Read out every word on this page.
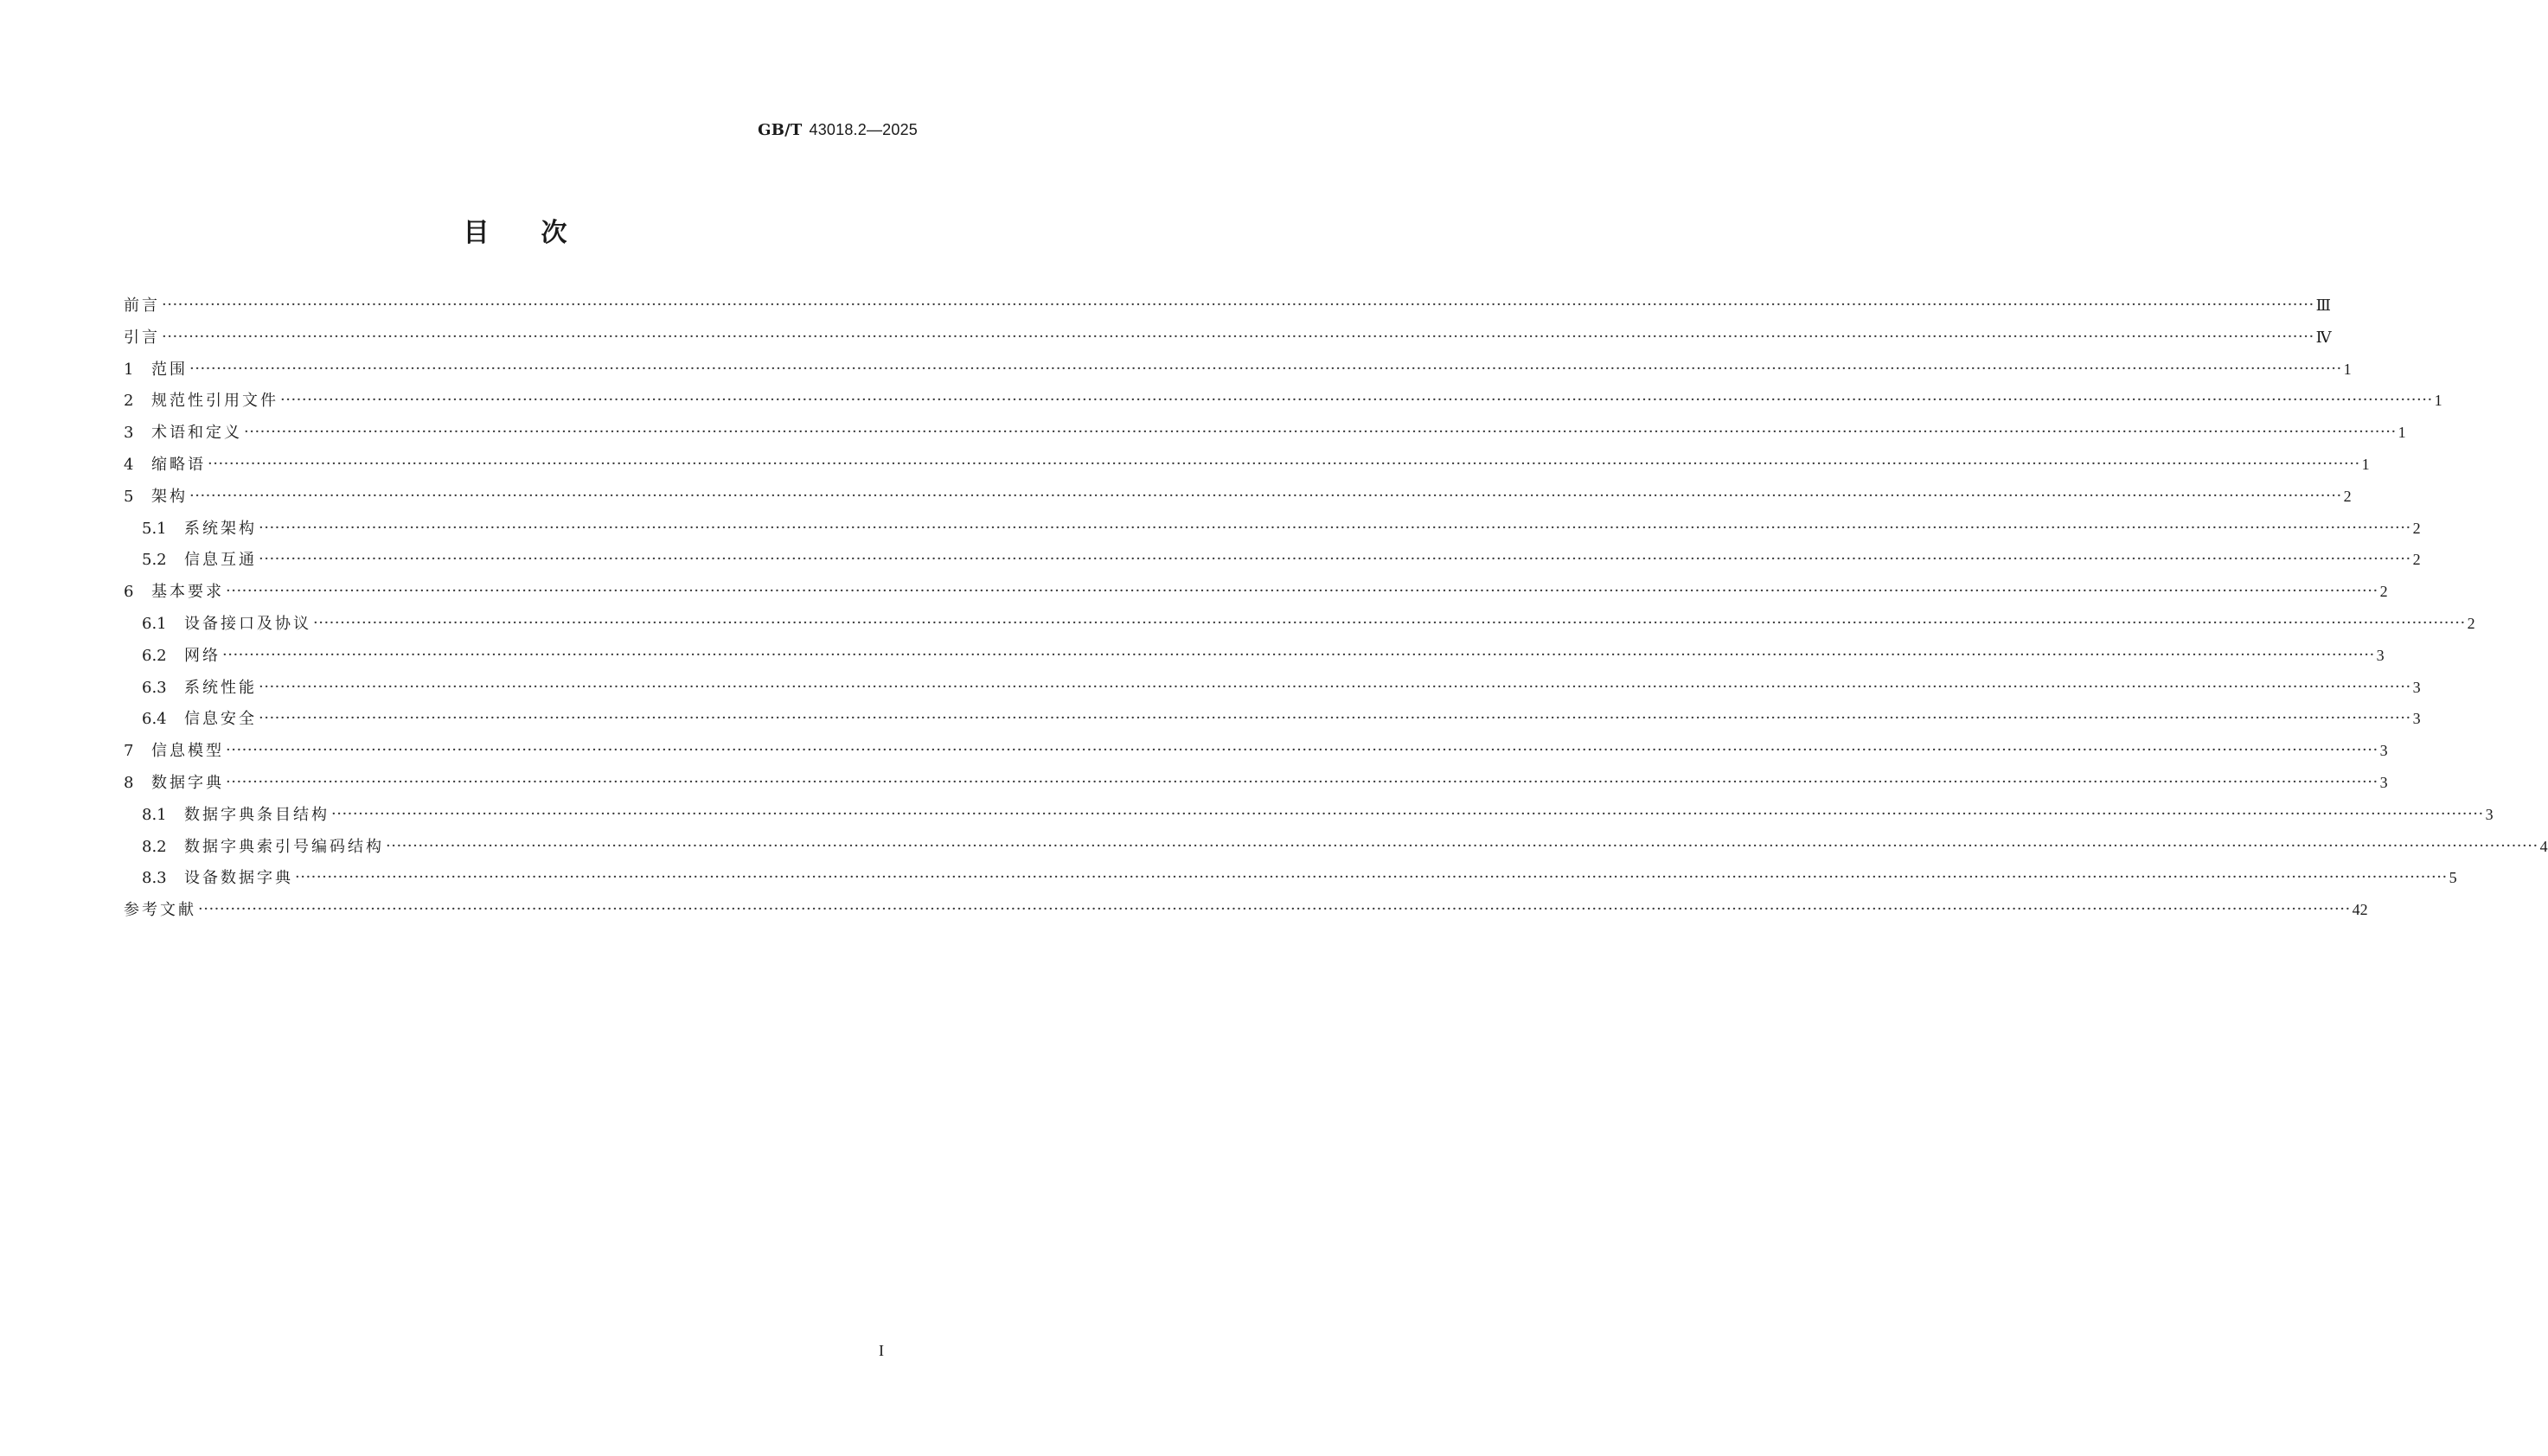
GB/T 43018.2—2025
目次
前言 ················································································································································································································································································································································································································ Ⅲ
引言 ················································································································································································································································································································································································································ Ⅳ
1	范围 ················································································································································································································································································································································································································ 1
2	规范性引用文件 ················································································································································································································································································································································································································ 1
3	术语和定义 ················································································································································································································································································································································································································ 1
4	缩略语 ················································································································································································································································································································································································································ 1
5	架构 ················································································································································································································································································································································································································ 2
5.1	系统架构 ················································································································································································································································································································································································································ 2
5.2	信息互通 ················································································································································································································································································································································································································ 2
6	基本要求 ················································································································································································································································································································································································································ 2
6.1	设备接口及协议 ················································································································································································································································································································································································································ 2
6.2	网络 ················································································································································································································································································································································································································ 3
6.3	系统性能 ················································································································································································································································································································································································································ 3
6.4	信息安全 ················································································································································································································································································································································································································ 3
7	信息模型 ················································································································································································································································································································································································································ 3
8	数据字典 ················································································································································································································································································································································································································ 3
8.1	数据字典条目结构 ················································································································································································································································································································································································································ 3
8.2	数据字典索引号编码结构 ················································································································································································································································································································································································································ 4
8.3	设备数据字典 ················································································································································································································································································································································································································ 5
参考文献 ················································································································································································································································································································································································································ 42
I
